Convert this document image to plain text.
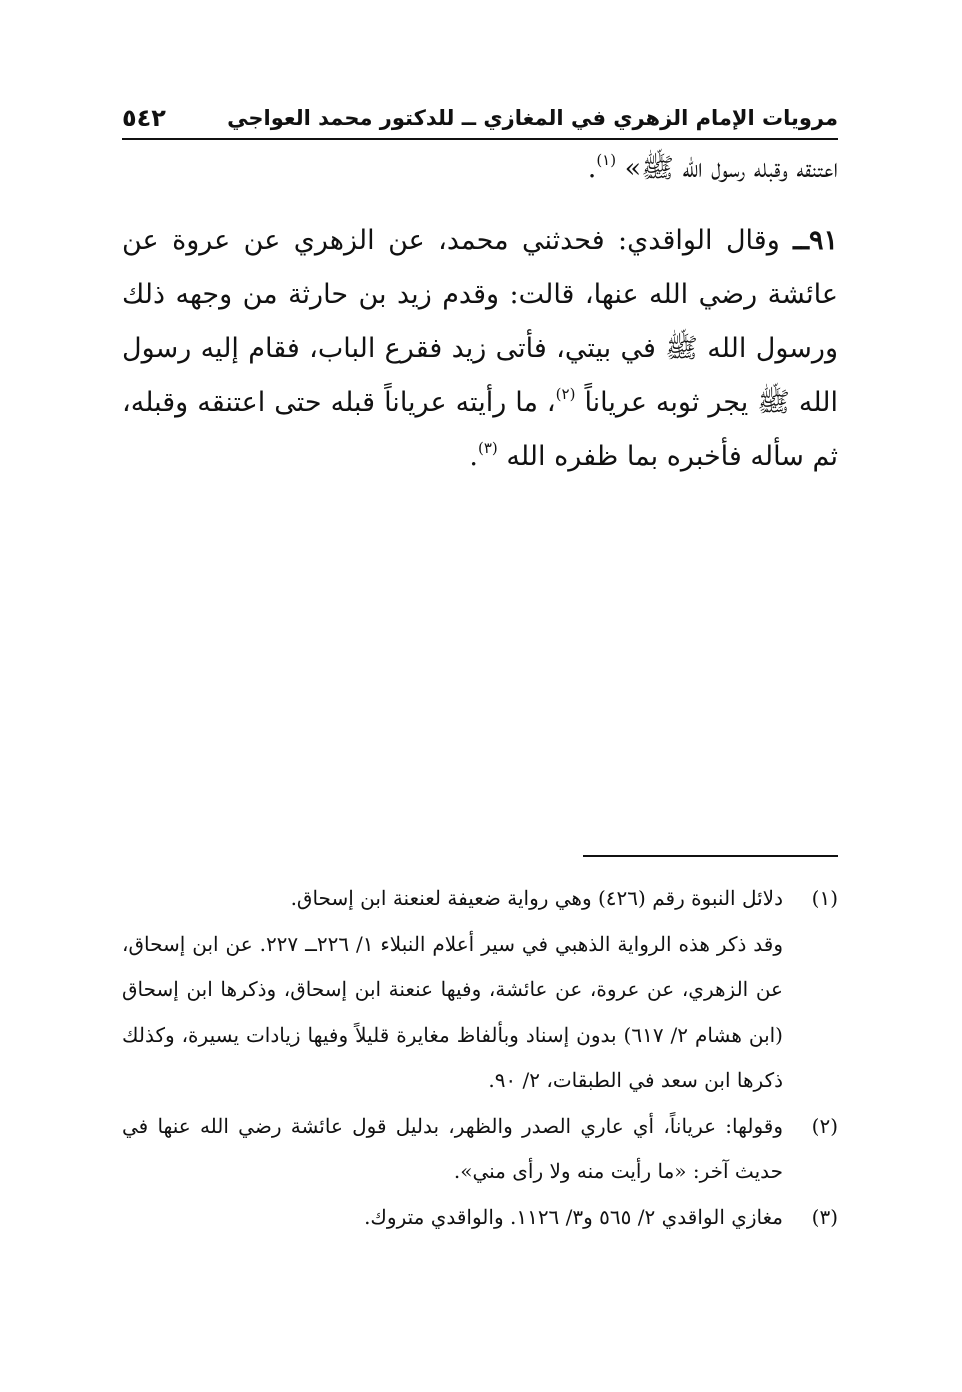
مرويات الإمام الزهري في المغازي ــ للدكتور محمد العواجي
٥٤٢

اعتنقه وقبله رسول الله ﷺ» $^{(١)}$.

٩١ــ وقال الواقدي: فحدثني محمد، عن الزهري عن عروة عن عائشة رضي الله عنها، قالت: وقدم زيد بن حارثة من وجهه ذلك ورسول الله ﷺ في بيتي، فأتى زيد فقرع الباب، فقام إليه رسول الله ﷺ يجر ثوبه عرياناً $^{(٢)}$، ما رأيته عرياناً قبله حتى اعتنقه وقبله، ثم سأله فأخبره بما ظفره الله $^{(٣)}$.

(١)

دلائل النبوة رقم (٤٢٦) وهي رواية ضعيفة لعنعنة ابن إسحاق.

وقد ذكر هذه الرواية الذهبي في سير أعلام النبلاء ١/ ٢٢٦ــ ٢٢٧. عن ابن إسحاق، عن الزهري، عن عروة، عن عائشة، وفيها عنعنة ابن إسحاق، وذكرها ابن إسحاق (ابن هشام ٢/ ٦١٧) بدون إسناد وبألفاظ مغايرة قليلاً وفيها زيادات يسيرة، وكذلك ذكرها ابن سعد في الطبقات، ٢/ ٩٠.

(٢)

وقولها: عرياناً، أي عاري الصدر والظهر، بدليل قول عائشة رضي الله عنها في حديث آخر: «ما رأيت منه ولا رأى مني».

(٣)

مغازي الواقدي ٢/ ٥٦٥ و٣/ ١١٢٦. والواقدي متروك.
